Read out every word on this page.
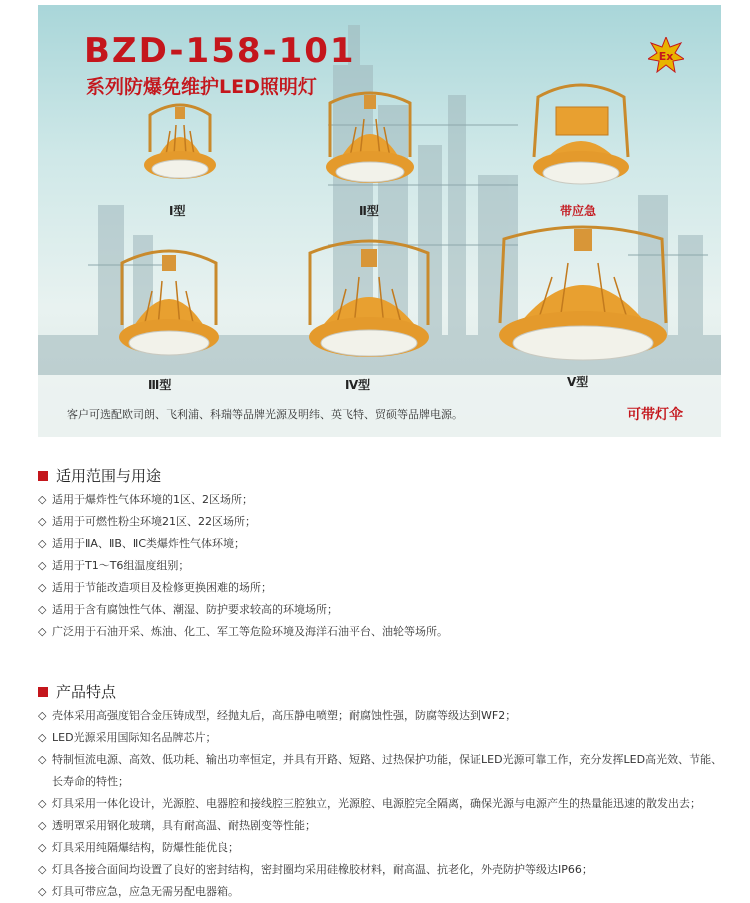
BZD-158-101
系列防爆免维护LED照明灯
Ex
Ⅰ型	Ⅱ型	带应急
Ⅲ型	Ⅳ型	Ⅴ型
客户可选配欧司朗、飞利浦、科瑞等品牌光源及明纬、英飞特、贸硕等品牌电源。	可带灯伞
适用范围与用途
◇ 适用于爆炸性气体环境的1区、2区场所；
◇ 适用于可燃性粉尘环境21区、22区场所；
◇ 适用于ⅡA、ⅡB、ⅡC类爆炸性气体环境；
◇ 适用于T1～T6组温度组别；
◇ 适用于节能改造项目及检修更换困难的场所；
◇ 适用于含有腐蚀性气体、潮湿、防护要求较高的环境场所；
◇ 广泛用于石油开采、炼油、化工、军工等危险环境及海洋石油平台、油轮等场所。
产品特点
◇ 壳体采用高强度铝合金压铸成型，经抛丸后，高压静电喷塑；耐腐蚀性强，防腐等级达到WF2；
◇ LED光源采用国际知名品牌芯片；
◇ 特制恒流电源、高效、低功耗、输出功率恒定，并具有开路、短路、过热保护功能，保证LED光源可靠工作，充分发挥LED高光效、节能、长寿命的特性；
◇ 灯具采用一体化设计，光源腔、电器腔和接线腔三腔独立，光源腔、电源腔完全隔离，确保光源与电源产生的热量能迅速的散发出去；
◇ 透明罩采用钢化玻璃，具有耐高温、耐热剧变等性能；
◇ 灯具采用纯隔爆结构，防爆性能优良；
◇ 灯具各接合面间均设置了良好的密封结构，密封圈均采用硅橡胶材料，耐高温、抗老化，外壳防护等级达IP66；
◇ 灯具可带应急，应急无需另配电器箱。
